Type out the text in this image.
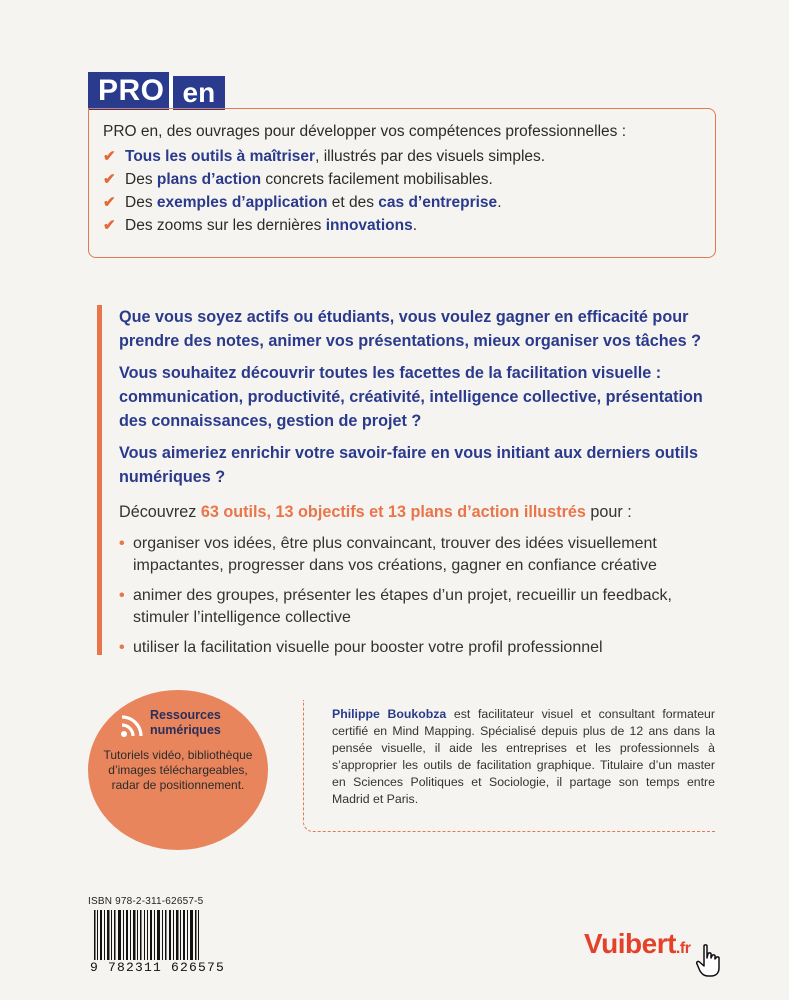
PRO en
PRO en, des ouvrages pour développer vos compétences professionnelles :
✔ Tous les outils à maîtriser, illustrés par des visuels simples.
✔ Des plans d’action concrets facilement mobilisables.
✔ Des exemples d’application et des cas d’entreprise.
✔ Des zooms sur les dernières innovations.

Que vous soyez actifs ou étudiants, vous voulez gagner en efficacité pour prendre des notes, animer vos présentations, mieux organiser vos tâches ?

Vous souhaitez découvrir toutes les facettes de la facilitation visuelle : communication, productivité, créativité, intelligence collective, présentation des connaissances, gestion de projet ?

Vous aimeriez enrichir votre savoir-faire en vous initiant aux derniers outils numériques ?

Découvrez 63 outils, 13 objectifs et 13 plans d’action illustrés pour :

• organiser vos idées, être plus convaincant, trouver des idées visuellement impactantes, progresser dans vos créations, gagner en confiance créative
• animer des groupes, présenter les étapes d’un projet, recueillir un feedback, stimuler l’intelligence collective
• utiliser la facilitation visuelle pour booster votre profil professionnel
Ressources numériques
Tutoriels vidéo, bibliothèque d’images téléchargeables, radar de positionnement.
Philippe Boukobza est facilitateur visuel et consultant formateur certifié en Mind Mapping. Spécialisé depuis plus de 12 ans dans la pensée visuelle, il aide les entreprises et les professionnels à s’approprier les outils de facilitation graphique. Titulaire d’un master en Sciences Politiques et Sociologie, il partage son temps entre Madrid et Paris.
ISBN 978-2-311-62657-5
9 782311 626575
Vuibert.fr
